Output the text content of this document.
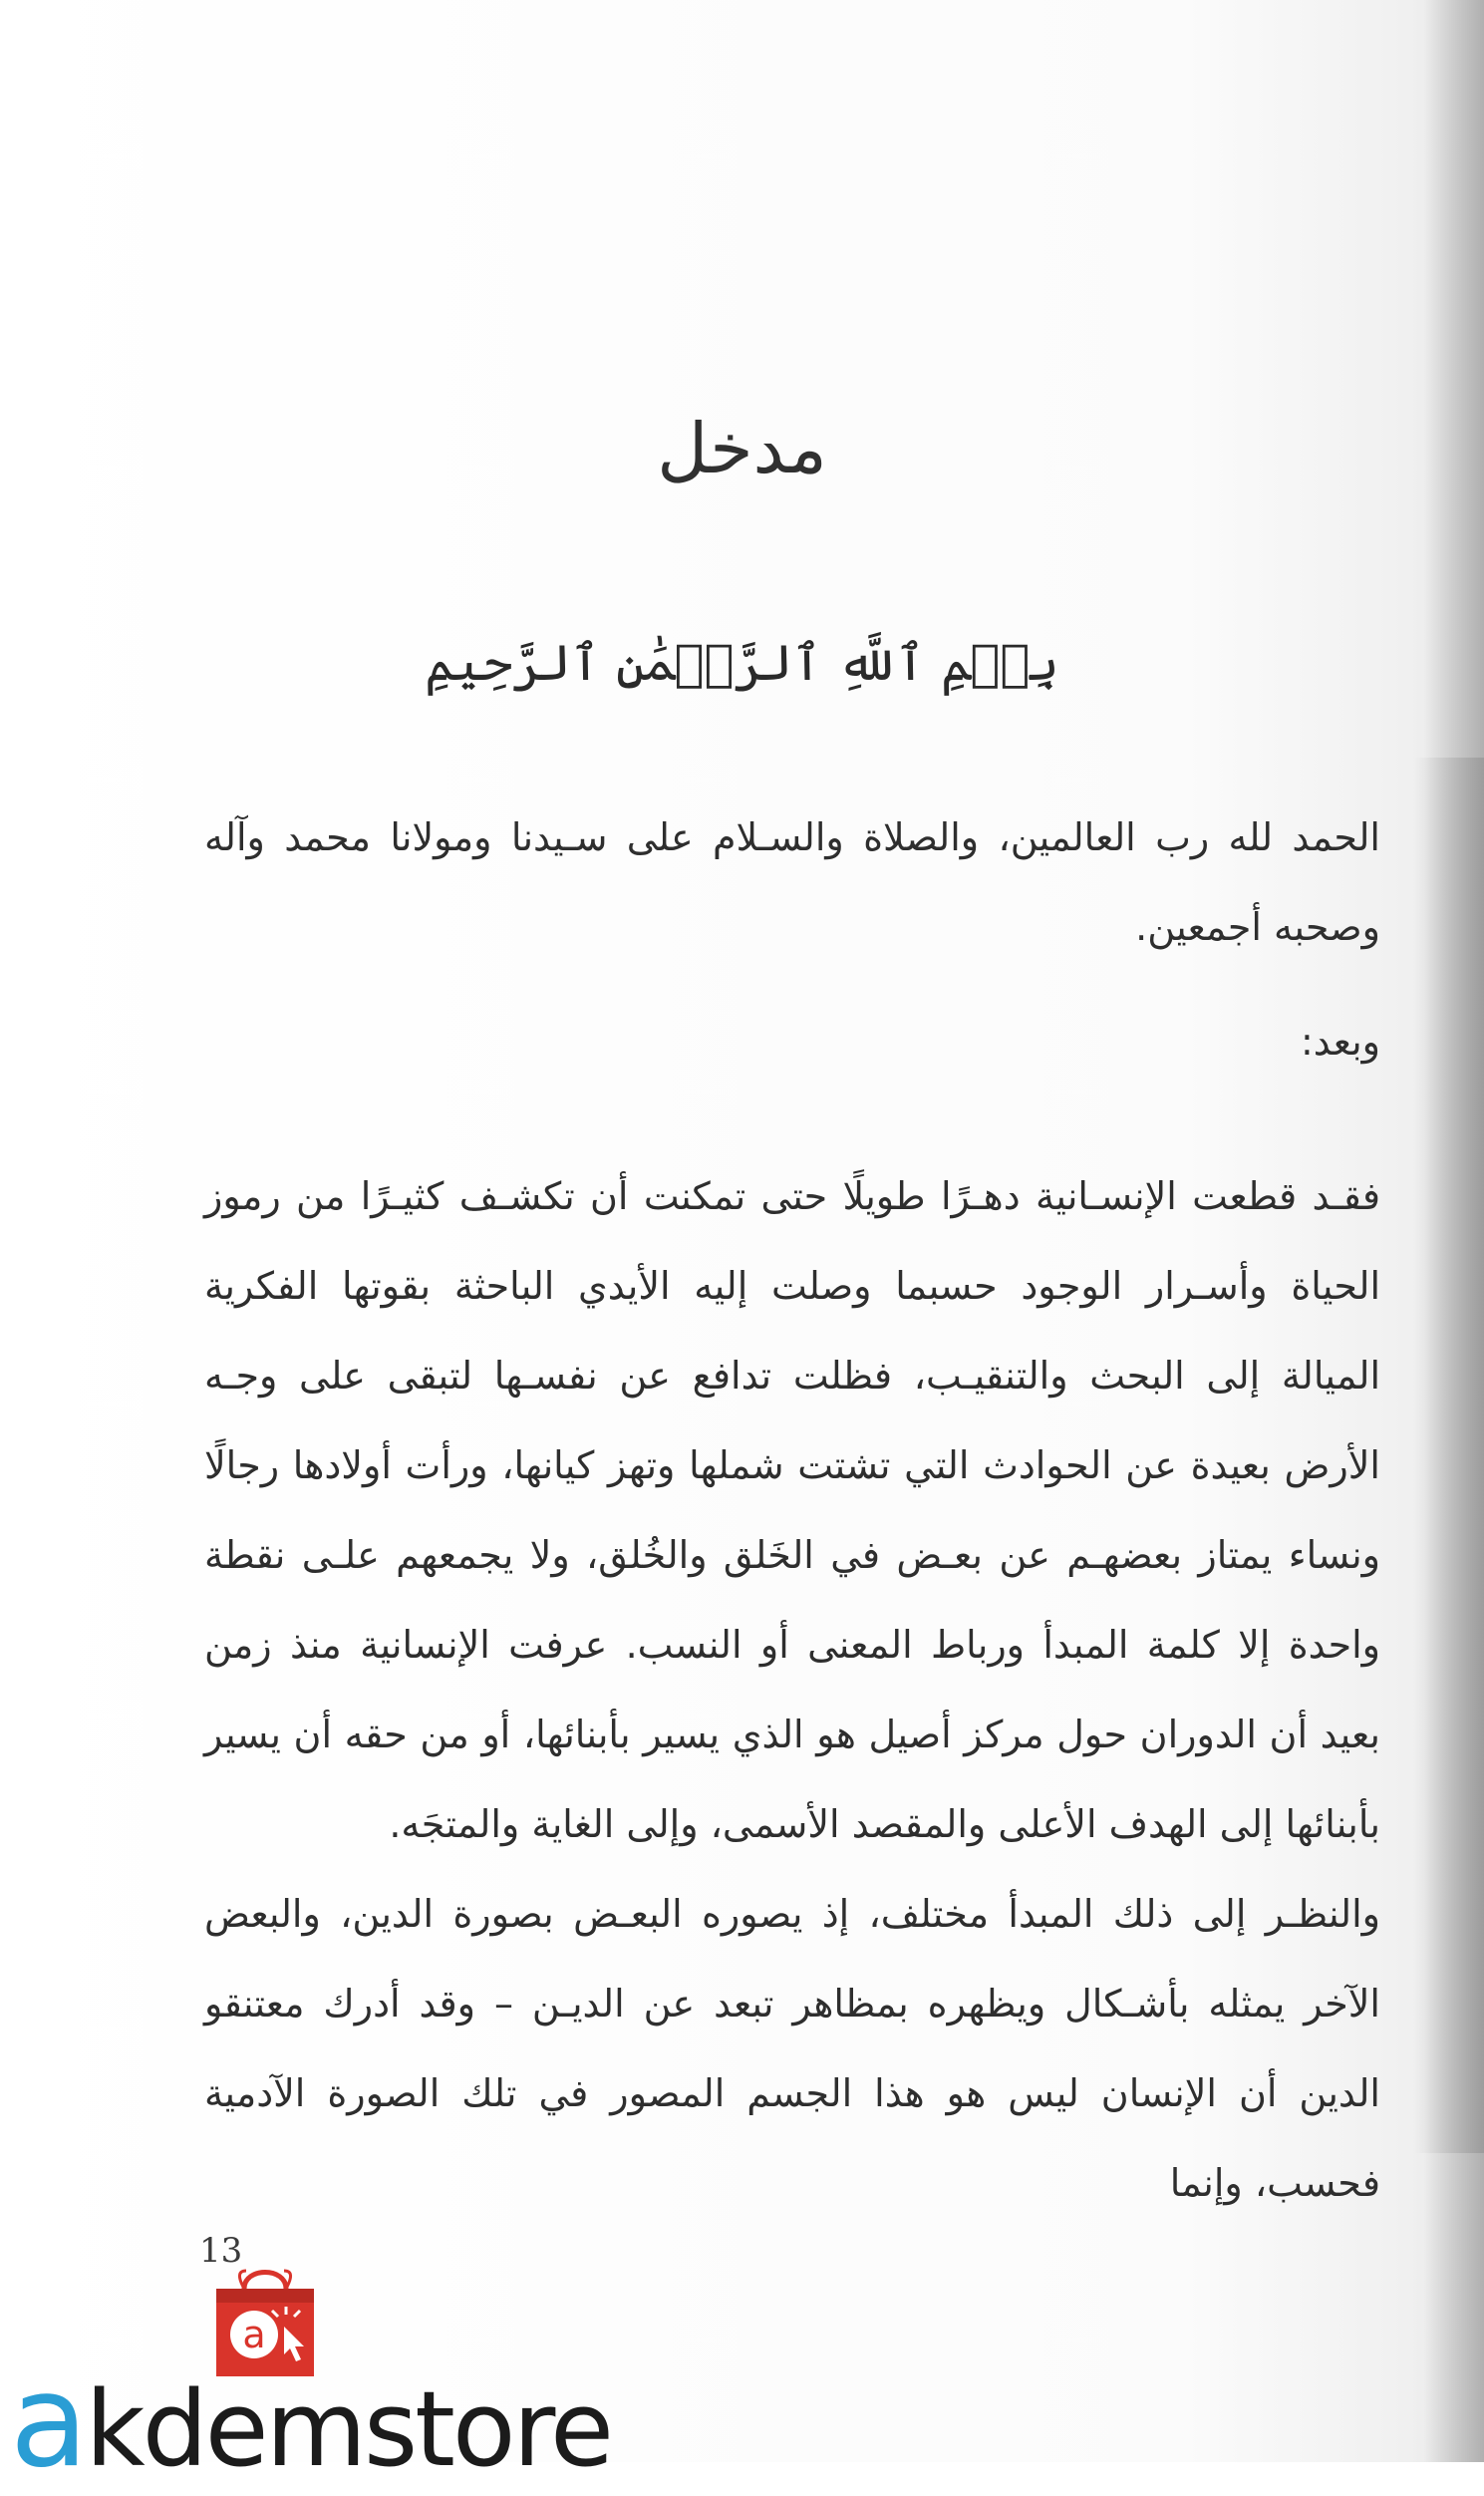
مدخل
بِسۡمِ ٱللَّهِ ٱلرَّحۡمَٰنِ ٱلرَّحِيمِ
الحمد لله رب العالمين، والصلاة والسـلام على سـيدنا ومولانا محمد وآله وصحبه أجمعين.
وبعد:
فقـد قطعت الإنسـانية دهـرًا طويلًا حتى تمكنت أن تكشـف كثيـرًا من رموز الحياة وأسـرار الوجود حسبما وصلت إليه الأيدي الباحثة بقوتها الفكرية الميالة إلى البحث والتنقيـب، فظلت تدافع عن نفسـها لتبقى على وجـه الأرض بعيدة عن الحوادث التي تشتت شملها وتهز كيانها، ورأت أولادها رجالًا ونساء يمتاز بعضهـم عن بعـض في الخَلق والخُلق، ولا يجمعهم علـى نقطة واحدة إلا كلمة المبدأ ورباط المعنى أو النسب. عرفت الإنسانية منذ زمن بعيد أن الدوران حول مركز أصيل هو الذي يسير بأبنائها، أو من حقه أن يسير بأبنائها إلى الهدف الأعلى والمقصد الأسمى، وإلى الغاية والمتجَه.
والنظـر إلى ذلك المبدأ مختلف، إذ يصوره البعـض بصورة الدين، والبعض الآخر يمثله بأشـكال ويظهره بمظاهر تبعد عن الديـن – وقد أدرك معتنقو الدين أن الإنسان ليس هو هذا الجسم المصور في تلك الصورة الآدمية فحسب، وإنما
13
a
akdemstore
